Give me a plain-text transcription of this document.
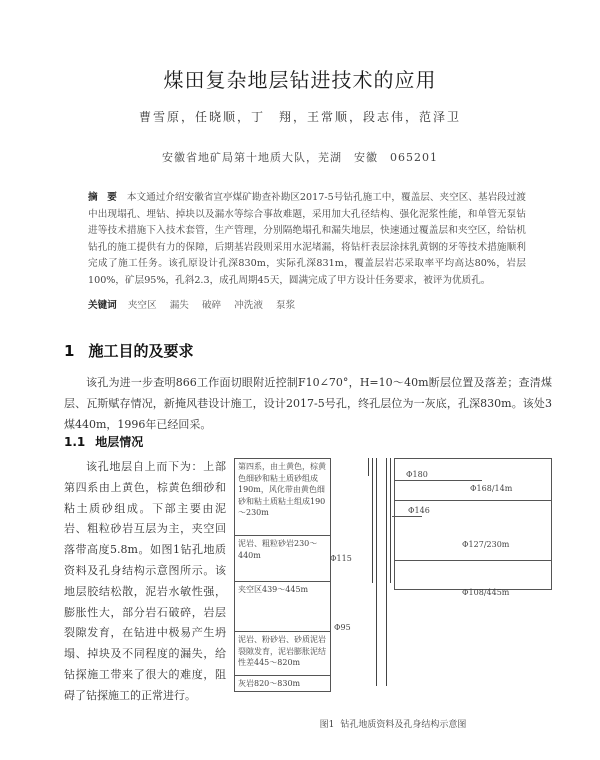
煤田复杂地层钻进技术的应用
曹雪原，任晓顺，丁　翔，王常顺，段志伟，范泽卫
安徽省地矿局第十地质大队，芜湖　安徽　065201
摘　要 本文通过介绍安徽省宣亭煤矿勘查补勘区2017-5号钻孔施工中，覆盖层、夹空区、基岩段过渡中出现塌孔、埋钻、掉块以及漏水等综合事故难题，采用加大孔径结构、强化泥浆性能，和单管无泵钻进等技术措施下入技术套管，生产管理，分别隔绝塌孔和漏失地层，快速通过覆盖层和夹空区，给钻机钻孔的施工提供有力的保障，后期基岩段则采用水泥堵漏，将钻杆表层涂抹乳黄钢的牙等技术措施顺利完成了施工任务。该孔原设计孔深830m，实际孔深831m，覆盖层岩芯采取率平均高达80%，岩层100%，矿层95%，孔斜2.3，成孔周期45天，圆满完成了甲方设计任务要求，被评为优质孔。
关键词 夹空区 漏失 破碎 冲洗液 泵浆
1 施工目的及要求
该孔为进一步查明866工作面切眼附近控制F10∠70°，H=10～40m断层位置及落差；查清煤层、瓦斯赋存情况，新掩风巷设计施工，设计2017-5号孔，终孔层位为一灰底，孔深830m。该处3煤440m，1996年已经回采。
1.1 地层情况
该孔地层自上而下为：上部第四系由上黄色，棕黄色细砂和粘土质砂组成。下部主要由泥岩、粗粒砂岩互层为主，夹空回落带高度5.8m。如图1钻孔地质资料及孔身结构示意图所示。该地层胶结松散，泥岩水敏性强，膨胀性大，部分岩石破碎，岩层裂隙发育，在钻进中极易产生坍塌、掉块及不同程度的漏失，给钻探施工带来了很大的难度，阻碍了钻探施工的正常进行。
第四系，由土黄色，棕黄色细砂和粘土质砂组成190m，风化带由黄色细砂和粘土质粘土组成190～230m
泥岩、粗粒砂岩230～440m
夹空区439～445m
泥岩、粉砂岩、砂质泥岩裂隙发育，泥岩膨胀泥结性差445～820m
灰岩820～830m
Φ180
Φ146
Φ115
Φ95
Φ168/14m
Φ127/230m
Φ108/445m
图1 钻孔地质资料及孔身结构示意图
